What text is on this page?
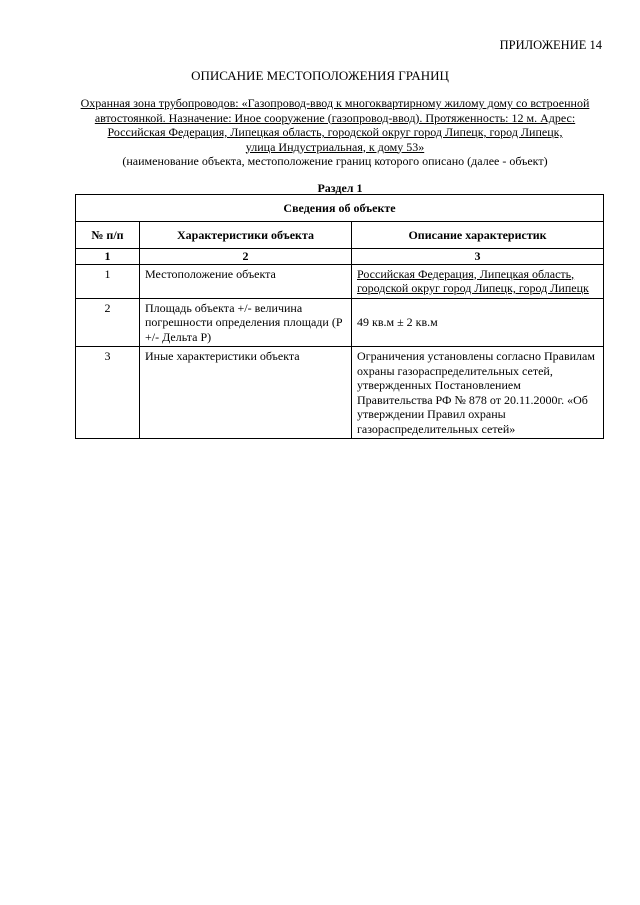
ПРИЛОЖЕНИЕ 14
ОПИСАНИЕ МЕСТОПОЛОЖЕНИЯ ГРАНИЦ
Охранная зона трубопроводов: «Газопровод-ввод к многоквартирному жилому дому со встроенной
автостоянкой. Назначение: Иное сооружение (газопровод-ввод). Протяженность: 12 м. Адрес:
Российская Федерация, Липецкая область, городской округ город Липецк, город Липецк,
улица Индустриальная, к дому 53»
(наименование объекта, местоположение границ которого описано (далее - объект)
Раздел 1
Сведения об объекте		
№ п/п	Характеристики объекта	Описание характеристик
1	2	3
1	Местоположение объекта	Российская Федерация, Липецкая область, городской округ город Липецк, город Липецк
2	Площадь объекта +/- величина погрешности определения площади (P +/- Дельта P)	49 кв.м ± 2 кв.м
3	Иные характеристики объекта	Ограничения установлены согласно Правилам охраны газораспределительных сетей, утвержденных Постановлением Правительства РФ № 878 от 20.11.2000г. «Об утверждении Правил охраны газораспределительных сетей»
